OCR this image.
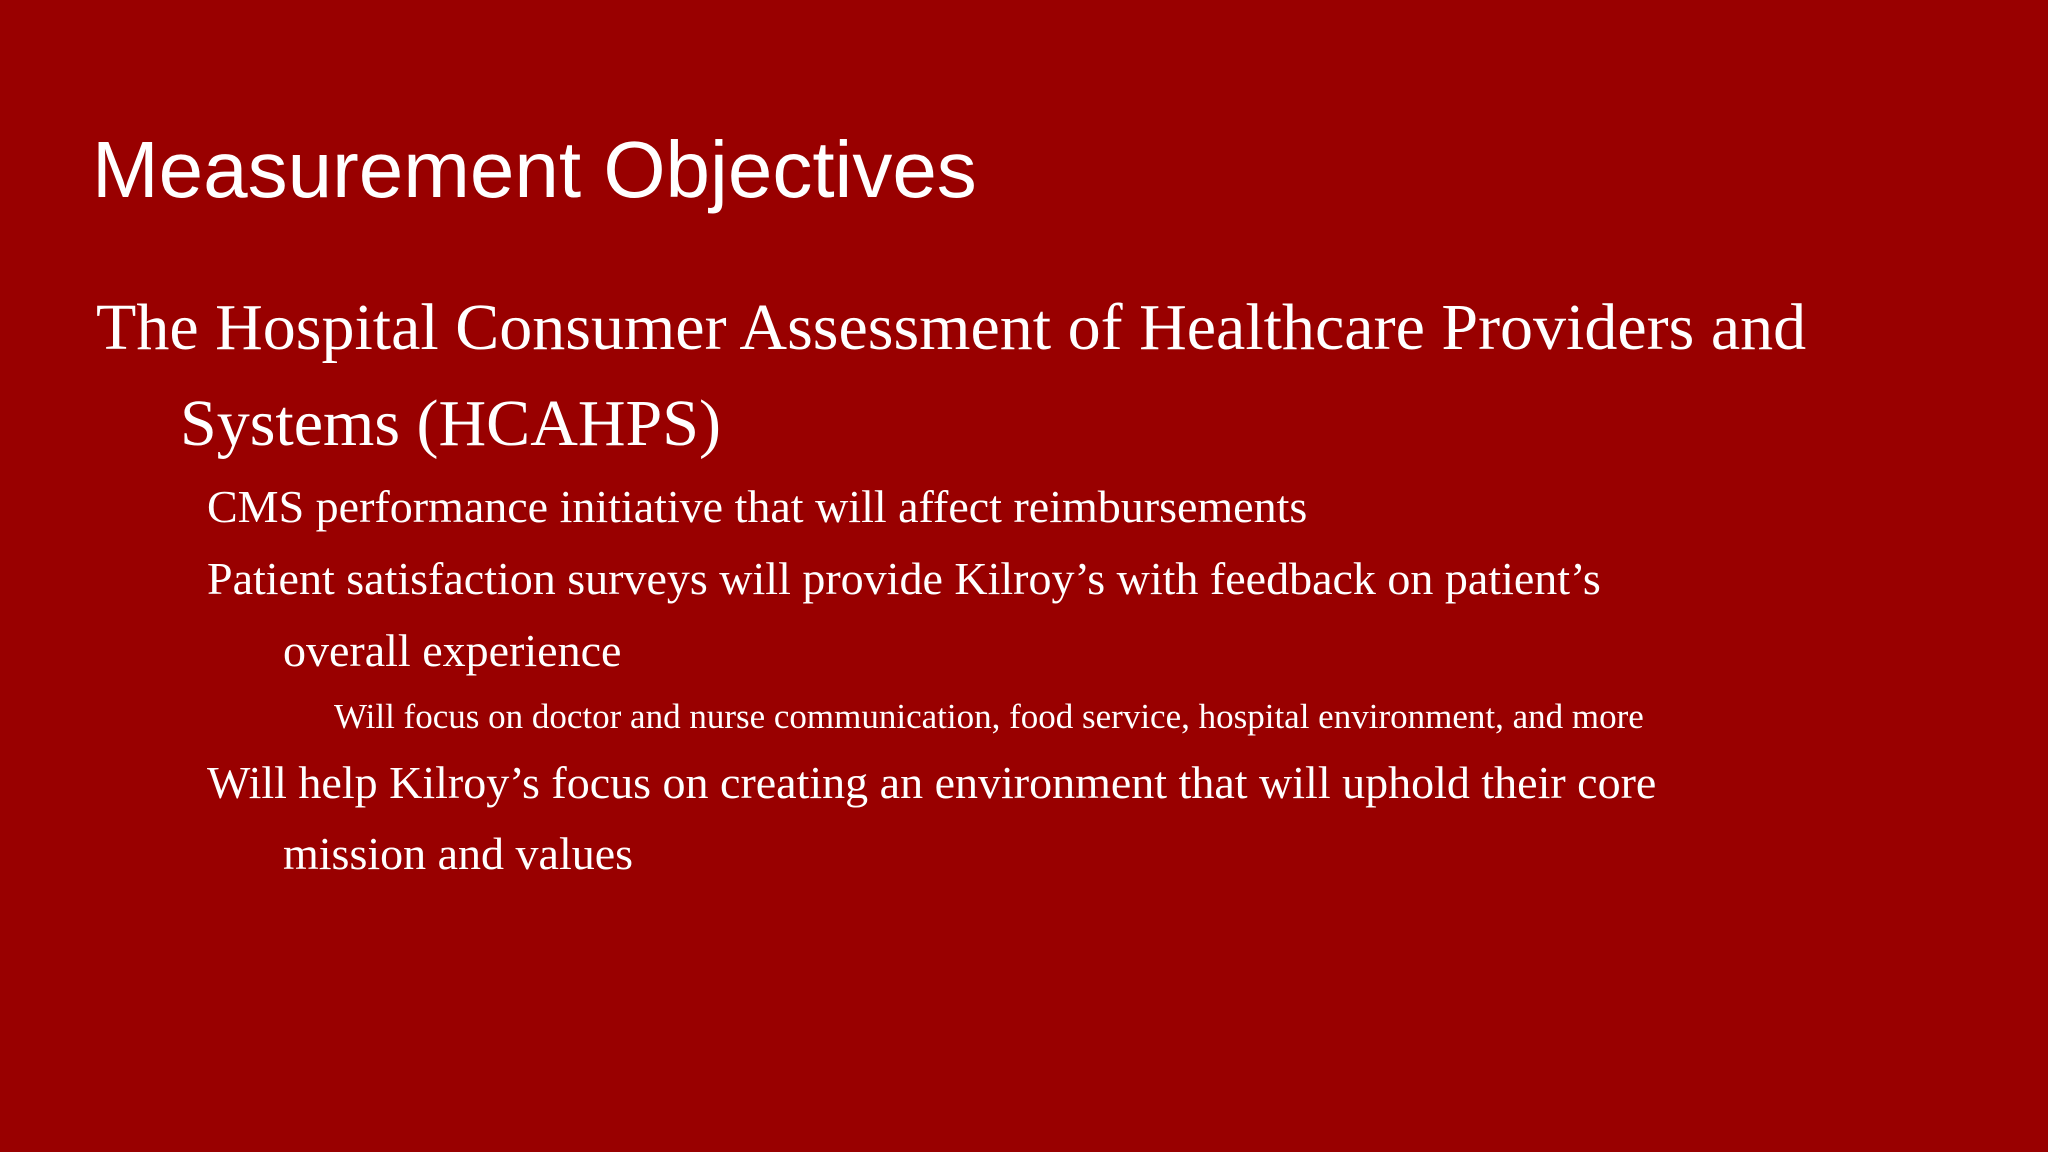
Measurement Objectives
The Hospital Consumer Assessment of Healthcare Providers and
Systems (HCAHPS)
CMS performance initiative that will affect reimbursements
Patient satisfaction surveys will provide Kilroy’s with feedback on patient’s
overall experience
Will focus on doctor and nurse communication, food service, hospital environment, and more
Will help Kilroy’s focus on creating an environment that will uphold their core
mission and values
